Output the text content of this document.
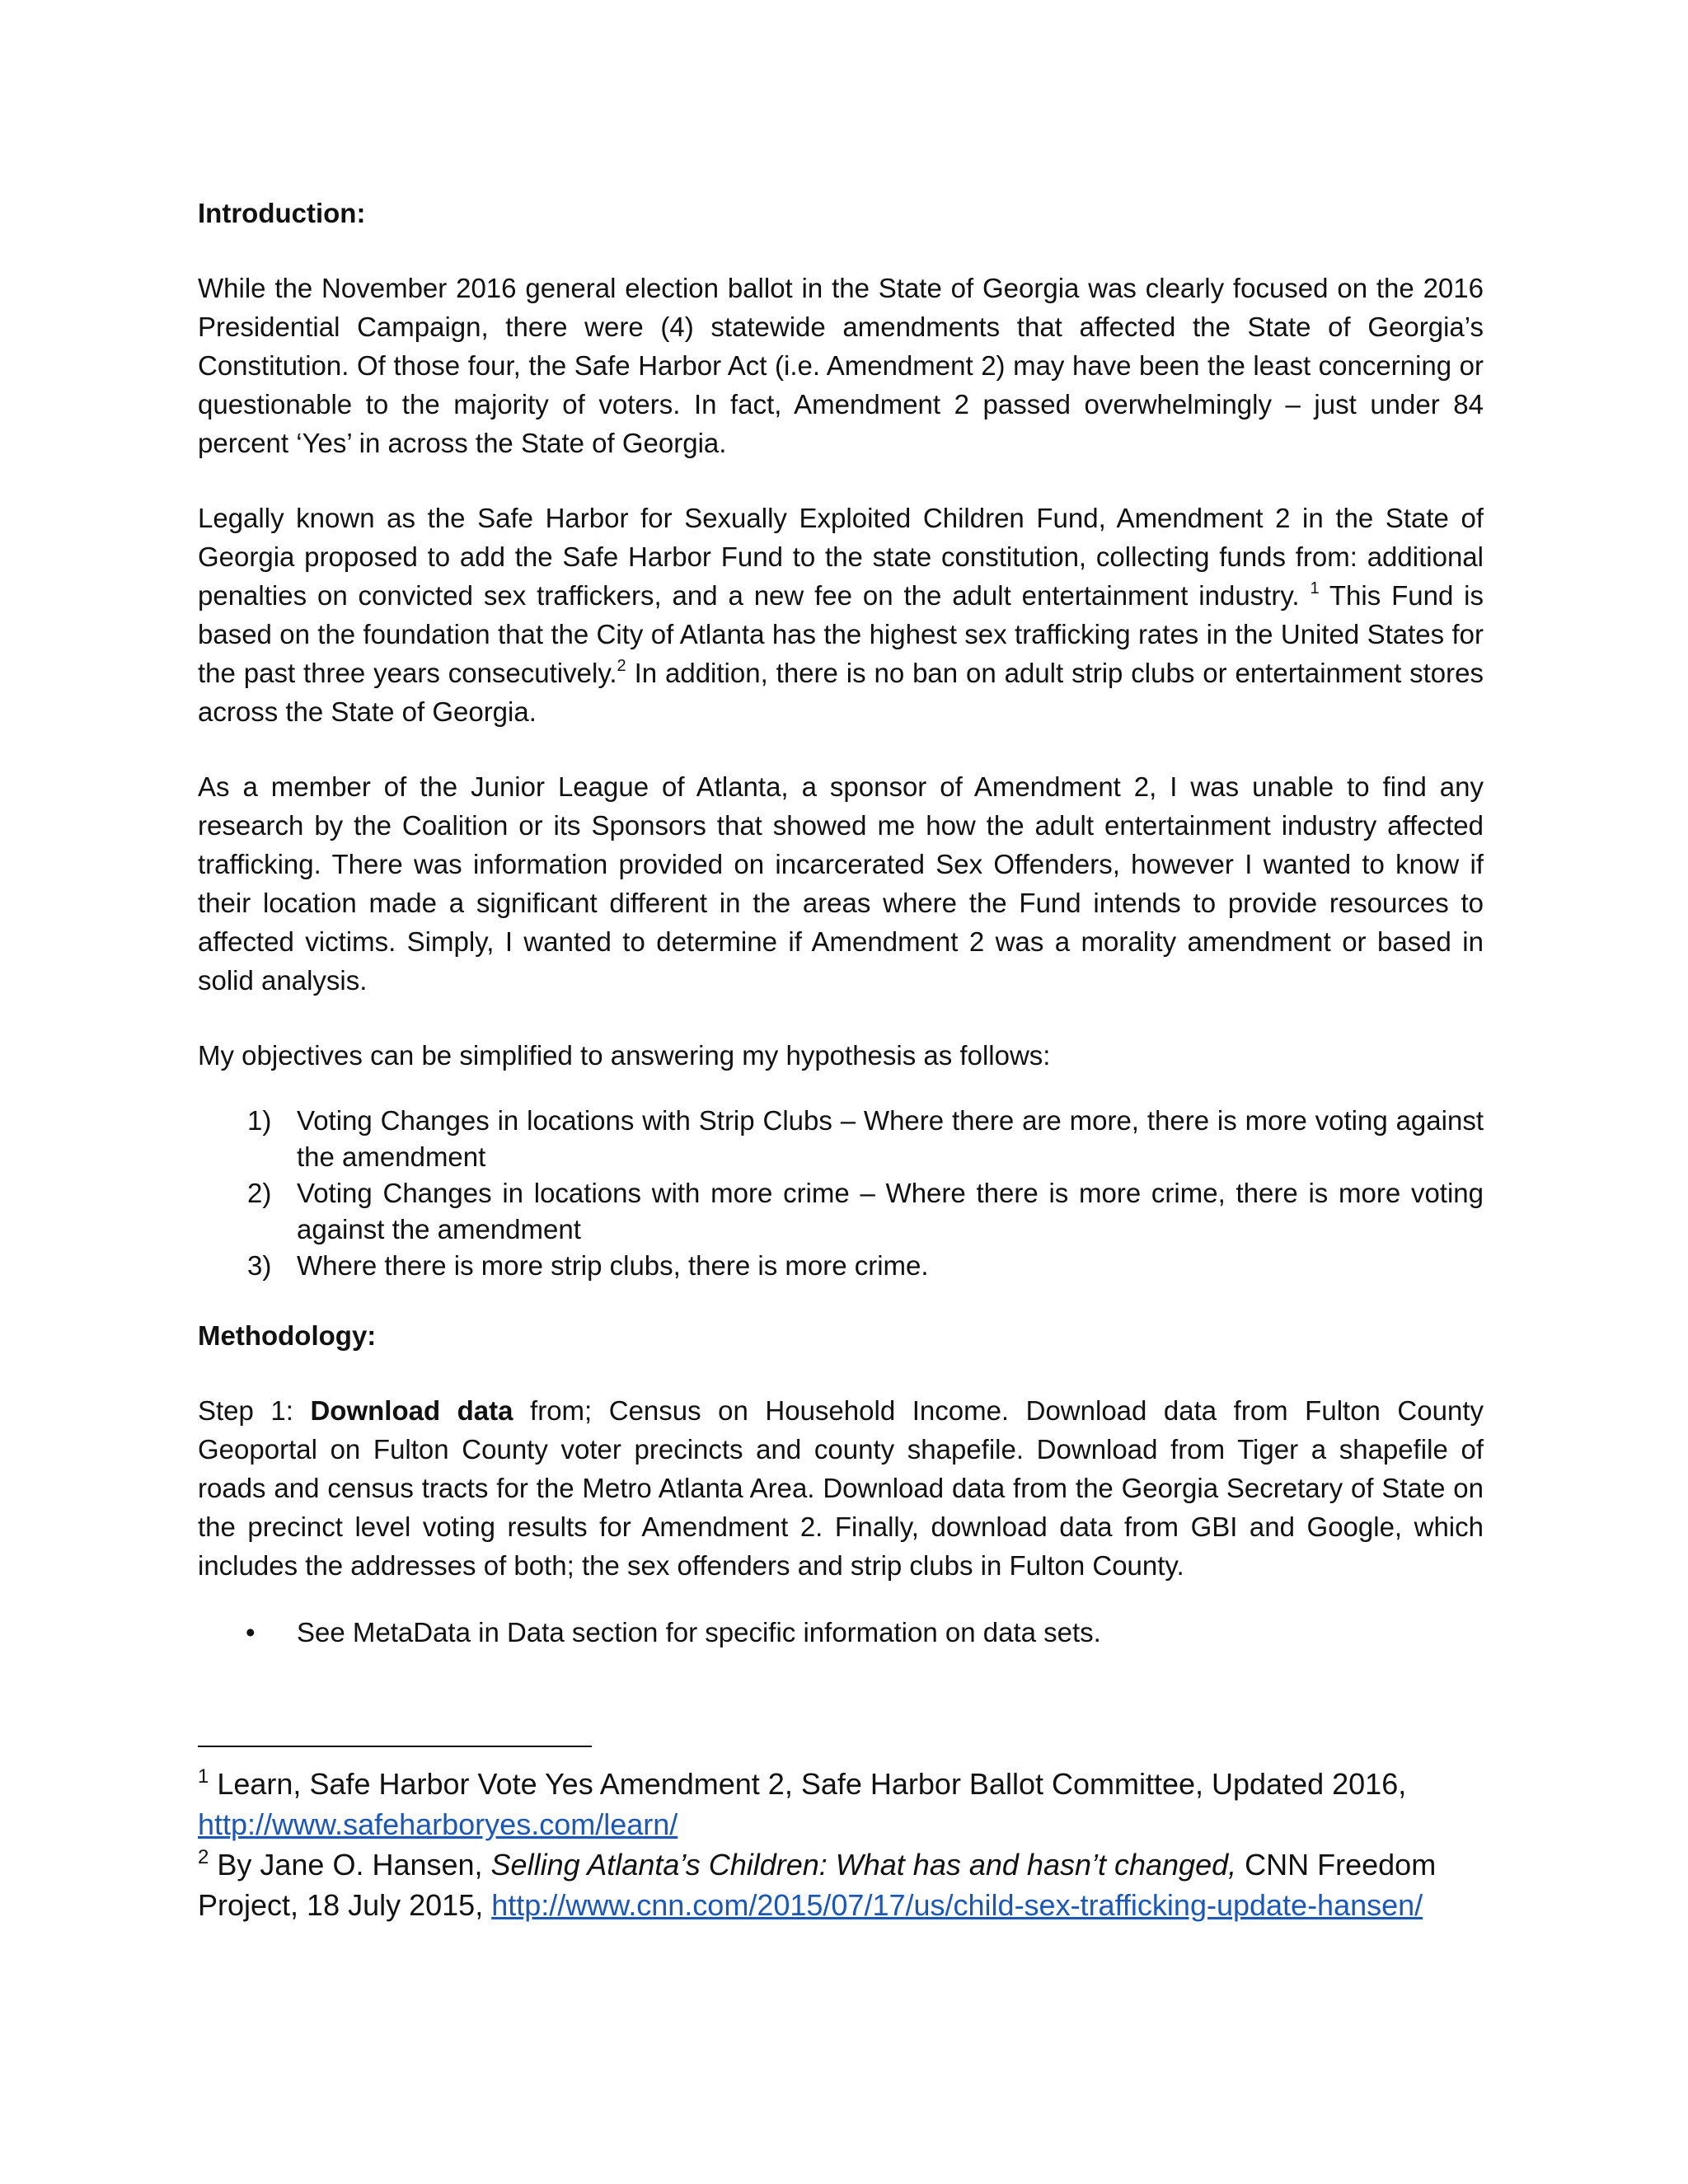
Introduction:

While the November 2016 general election ballot in the State of Georgia was clearly focused on the 2016 Presidential Campaign, there were (4) statewide amendments that affected the State of Georgia’s Constitution. Of those four, the Safe Harbor Act (i.e. Amendment 2) may have been the least concerning or questionable to the majority of voters. In fact, Amendment 2 passed overwhelmingly – just under 84 percent ‘Yes’ in across the State of Georgia.

Legally known as the Safe Harbor for Sexually Exploited Children Fund, Amendment 2 in the State of Georgia proposed to add the Safe Harbor Fund to the state constitution, collecting funds from: additional penalties on convicted sex traffickers, and a new fee on the adult entertainment industry. $^1$ This Fund is based on the foundation that the City of Atlanta has the highest sex trafficking rates in the United States for the past three years consecutively.$^2$ In addition, there is no ban on adult strip clubs or entertainment stores across the State of Georgia.

As a member of the Junior League of Atlanta, a sponsor of Amendment 2, I was unable to find any research by the Coalition or its Sponsors that showed me how the adult entertainment industry affected trafficking. There was information provided on incarcerated Sex Offenders, however I wanted to know if their location made a significant different in the areas where the Fund intends to provide resources to affected victims. Simply, I wanted to determine if Amendment 2 was a morality amendment or based in solid analysis.

My objectives can be simplified to answering my hypothesis as follows:

1) Voting Changes in locations with Strip Clubs – Where there are more, there is more voting against the amendment
2) Voting Changes in locations with more crime – Where there is more crime, there is more voting against the amendment
3) Where there is more strip clubs, there is more crime.
Methodology:

Step 1: Download data from; Census on Household Income. Download data from Fulton County Geoportal on Fulton County voter precincts and county shapefile. Download from Tiger a shapefile of roads and census tracts for the Metro Atlanta Area. Download data from the Georgia Secretary of State on the precinct level voting results for Amendment 2. Finally, download data from GBI and Google, which includes the addresses of both; the sex offenders and strip clubs in Fulton County.

• See MetaData in Data section for specific information on data sets.

$^1$ Learn, Safe Harbor Vote Yes Amendment 2, Safe Harbor Ballot Committee, Updated 2016,
http://www.safeharboryes.com/learn/

$^2$ By Jane O. Hansen, Selling Atlanta’s Children: What has and hasn’t changed, CNN Freedom Project, 18 July 2015, http://www.cnn.com/2015/07/17/us/child-sex-trafficking-update-hansen/
